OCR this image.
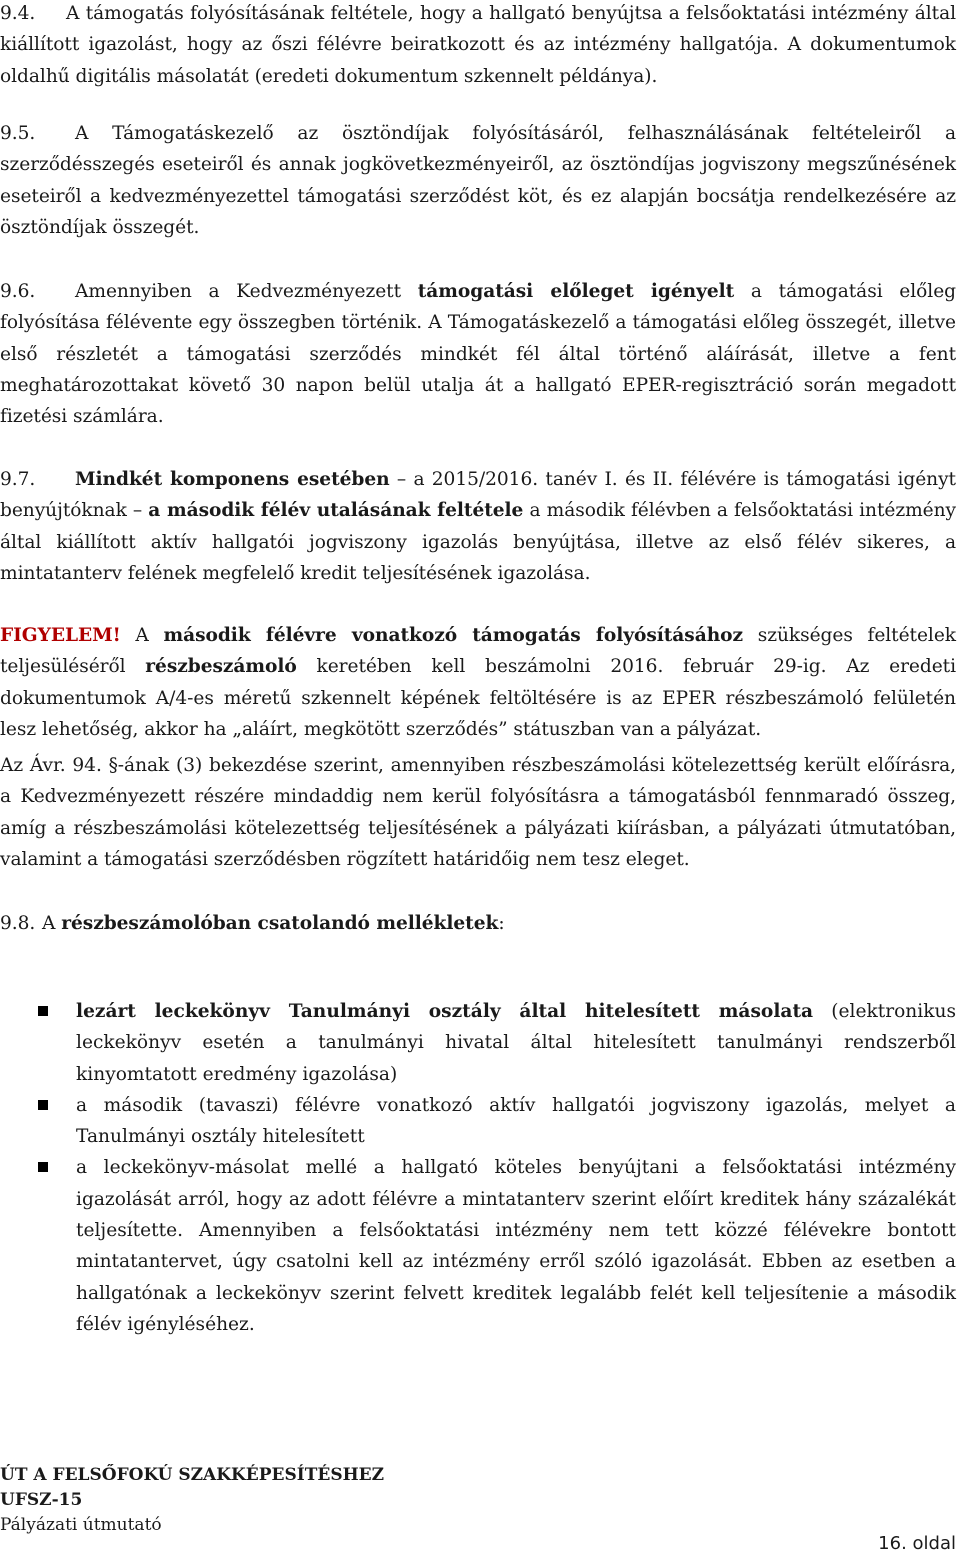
9.4. A támogatás folyósításának feltétele, hogy a hallgató benyújtsa a felsőoktatási intézmény által kiállított igazolást, hogy az őszi félévre beiratkozott és az intézmény hallgatója. A dokumentumok oldalhű digitális másolatát (eredeti dokumentum szkennelt példánya).
9.5. A Támogatáskezelő az ösztöndíjak folyósításáról, felhasználásának feltételeiről a szerződésszegés eseteiről és annak jogkövetkezményeiről, az ösztöndíjas jogviszony megszűnésének eseteiről a kedvezményezettel támogatási szerződést köt, és ez alapján bocsátja rendelkezésére az ösztöndíjak összegét.
9.6. Amennyiben a Kedvezményezett támogatási előleget igényelt a támogatási előleg folyósítása félévente egy összegben történik. A Támogatáskezelő a támogatási előleg összegét, illetve első részletét a támogatási szerződés mindkét fél által történő aláírását, illetve a fent meghatározottakat követő 30 napon belül utalja át a hallgató EPER-regisztráció során megadott fizetési számlára.
9.7. Mindkét komponens esetében – a 2015/2016. tanév I. és II. félévére is támogatási igényt benyújtóknak – a második félév utalásának feltétele a második félévben a felsőoktatási intézmény által kiállított aktív hallgatói jogviszony igazolás benyújtása, illetve az első félév sikeres, a mintatanterv felének megfelelő kredit teljesítésének igazolása.
FIGYELEM! A második félévre vonatkozó támogatás folyósításához szükséges feltételek teljesüléséről részbeszámoló keretében kell beszámolni 2016. február 29-ig. Az eredeti dokumentumok A/4-es méretű szkennelt képének feltöltésére is az EPER részbeszámoló felületén lesz lehetőség, akkor ha „aláírt, megkötött szerződés” státuszban van a pályázat.
Az Ávr. 94. §-ának (3) bekezdése szerint, amennyiben részbeszámolási kötelezettség került előírásra, a Kedvezményezett részére mindaddig nem kerül folyósításra a támogatásból fennmaradó összeg, amíg a részbeszámolási kötelezettség teljesítésének a pályázati kiírásban, a pályázati útmutatóban, valamint a támogatási szerződésben rögzített határidőig nem tesz eleget.
9.8. A részbeszámolóban csatolandó mellékletek:
lezárt leckekönyv Tanulmányi osztály által hitelesített másolata (elektronikus leckekönyv esetén a tanulmányi hivatal által hitelesített tanulmányi rendszerből kinyomtatott eredmény igazolása)
a második (tavaszi) félévre vonatkozó aktív hallgatói jogviszony igazolás, melyet a Tanulmányi osztály hitelesített
a leckekönyv-másolat mellé a hallgató köteles benyújtani a felsőoktatási intézmény igazolását arról, hogy az adott félévre a mintatanterv szerint előírt kreditek hány százalékát teljesítette. Amennyiben a felsőoktatási intézmény nem tett közzé félévekre bontott mintatantervet, úgy csatolni kell az intézmény erről szóló igazolását. Ebben az esetben a hallgatónak a leckekönyv szerint felvett kreditek legalább felét kell teljesítenie a második félév igényléséhez.
ÚT A FELSŐFOKÚ SZAKKÉPESÍTÉSHEZ
UFSZ-15
Pályázati útmutató
16. oldal
